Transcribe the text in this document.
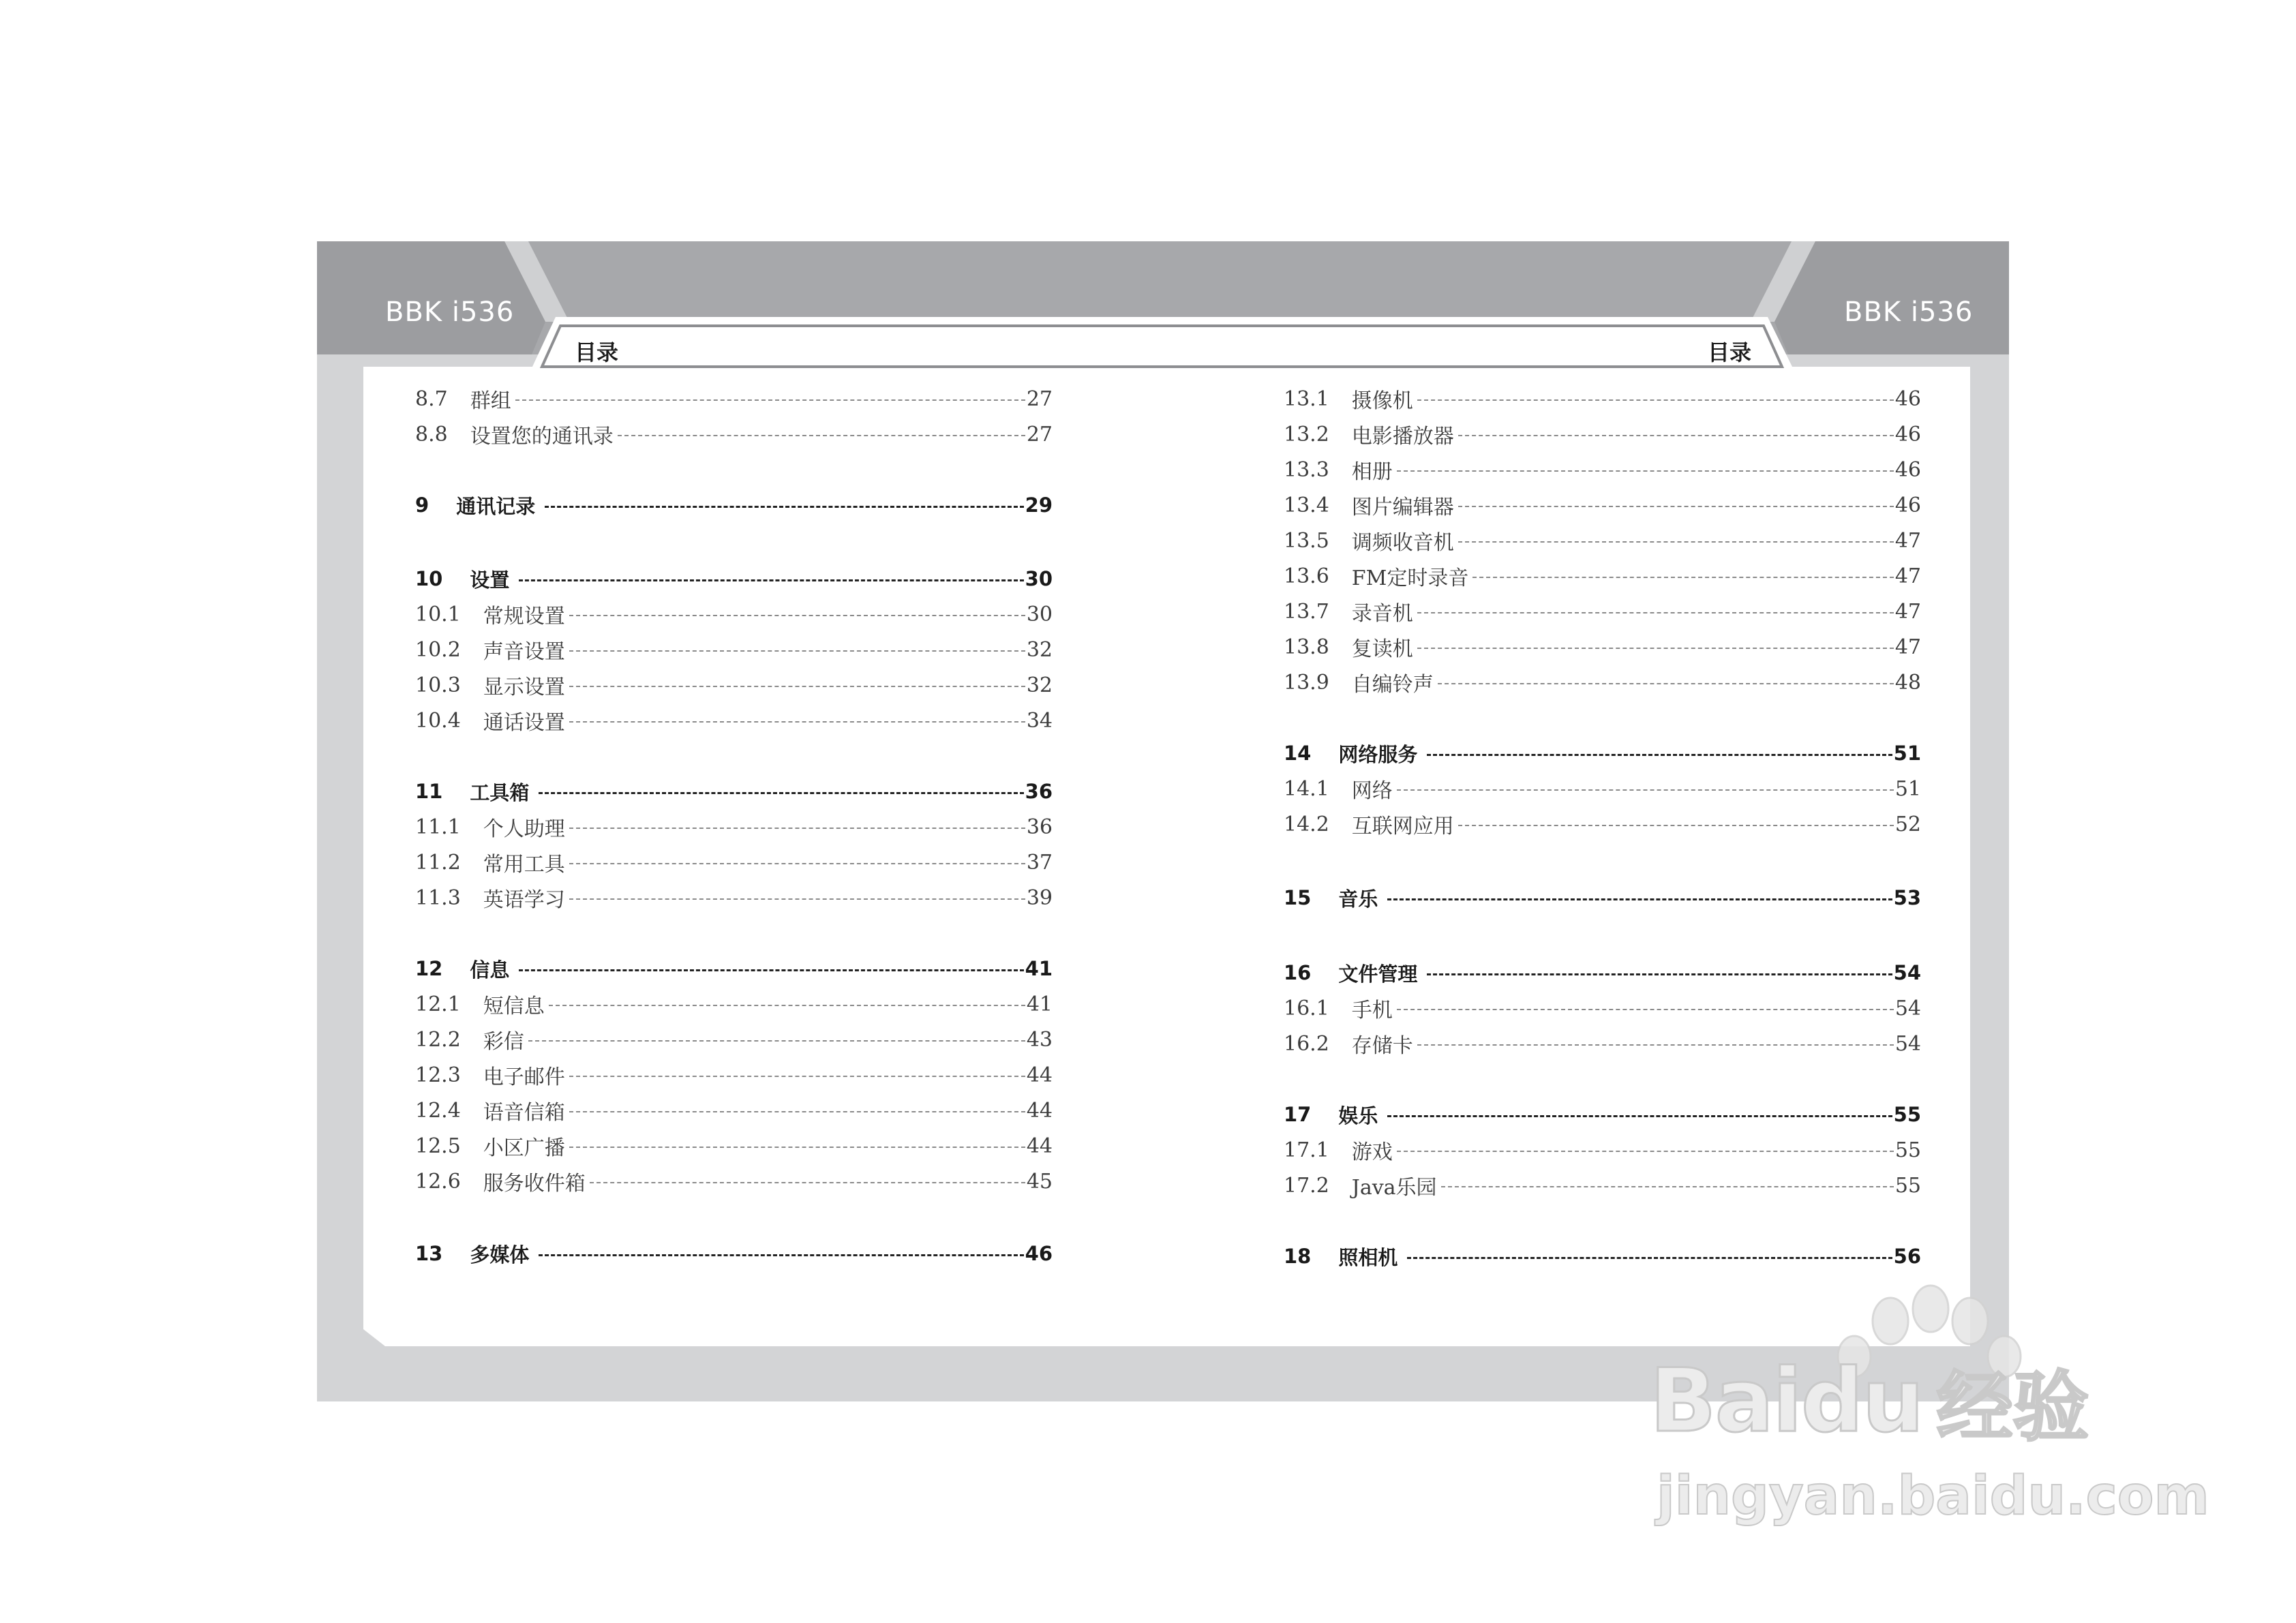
BBK i536	BBK i536
目录	目录
8.7 群组	27
8.8 设置您的通讯录	27
9 通讯记录	29
10 设置	30
10.1 常规设置	30
10.2 声音设置	32
10.3 显示设置	32
10.4 通话设置	34
11 工具箱	36
11.1 个人助理	36
11.2 常用工具	37
11.3 英语学习	39
12 信息	41
12.1 短信息	41
12.2 彩信	43
12.3 电子邮件	44
12.4 语音信箱	44
12.5 小区广播	44
12.6 服务收件箱	45
13 多媒体	46
13.1 摄像机	46
13.2 电影播放器	46
13.3 相册	46
13.4 图片编辑器	46
13.5 调频收音机	47
13.6 FM定时录音	47
13.7 录音机	47
13.8 复读机	47
13.9 自编铃声	48
14 网络服务	51
14.1 网络	51
14.2 互联网应用	52
15 音乐	53
16 文件管理	54
16.1 手机	54
16.2 存储卡	54
17 娱乐	55
17.1 游戏	55
17.2 Java乐园	55
18 照相机	56
Baidu 经验
jingyan.baidu.com
